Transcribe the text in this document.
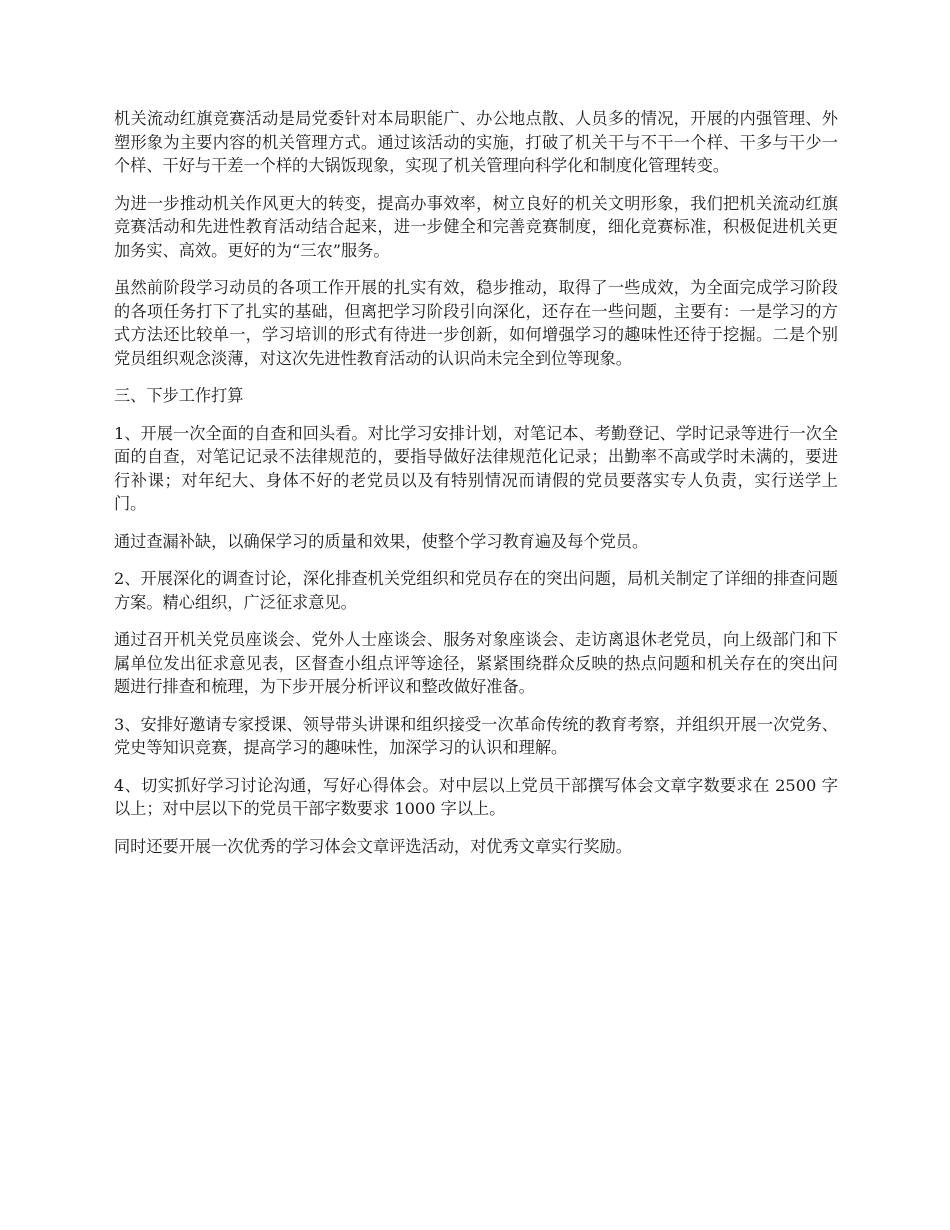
机关流动红旗竞赛活动是局党委针对本局职能广、办公地点散、人员多的情况，开展的内强管理、外塑形象为主要内容的机关管理方式。通过该活动的实施，打破了机关干与不干一个样、干多与干少一个样、干好与干差一个样的大锅饭现象，实现了机关管理向科学化和制度化管理转变。

为进一步推动机关作风更大的转变，提高办事效率，树立良好的机关文明形象，我们把机关流动红旗竞赛活动和先进性教育活动结合起来，进一步健全和完善竞赛制度，细化竞赛标准，积极促进机关更加务实、高效。更好的为“三农”服务。

虽然前阶段学习动员的各项工作开展的扎实有效，稳步推动，取得了一些成效，为全面完成学习阶段的各项任务打下了扎实的基础，但离把学习阶段引向深化，还存在一些问题，主要有：一是学习的方式方法还比较单一，学习培训的形式有待进一步创新，如何增强学习的趣味性还待于挖掘。二是个别党员组织观念淡薄，对这次先进性教育活动的认识尚未完全到位等现象。

三、下步工作打算

1、开展一次全面的自查和回头看。对比学习安排计划，对笔记本、考勤登记、学时记录等进行一次全面的自查，对笔记记录不法律规范的，要指导做好法律规范化记录；出勤率不高或学时未满的，要进行补课；对年纪大、身体不好的老党员以及有特别情况而请假的党员要落实专人负责，实行送学上门。

通过查漏补缺，以确保学习的质量和效果，使整个学习教育遍及每个党员。

2、开展深化的调查讨论，深化排查机关党组织和党员存在的突出问题，局机关制定了详细的排查问题方案。精心组织，广泛征求意见。

通过召开机关党员座谈会、党外人士座谈会、服务对象座谈会、走访离退休老党员，向上级部门和下属单位发出征求意见表，区督查小组点评等途径，紧紧围绕群众反映的热点问题和机关存在的突出问题进行排查和梳理，为下步开展分析评议和整改做好准备。

3、安排好邀请专家授课、领导带头讲课和组织接受一次革命传统的教育考察，并组织开展一次党务、党史等知识竞赛，提高学习的趣味性，加深学习的认识和理解。

4、切实抓好学习讨论沟通，写好心得体会。对中层以上党员干部撰写体会文章字数要求在 2500 字以上；对中层以下的党员干部字数要求 1000 字以上。

同时还要开展一次优秀的学习体会文章评选活动，对优秀文章实行奖励。
